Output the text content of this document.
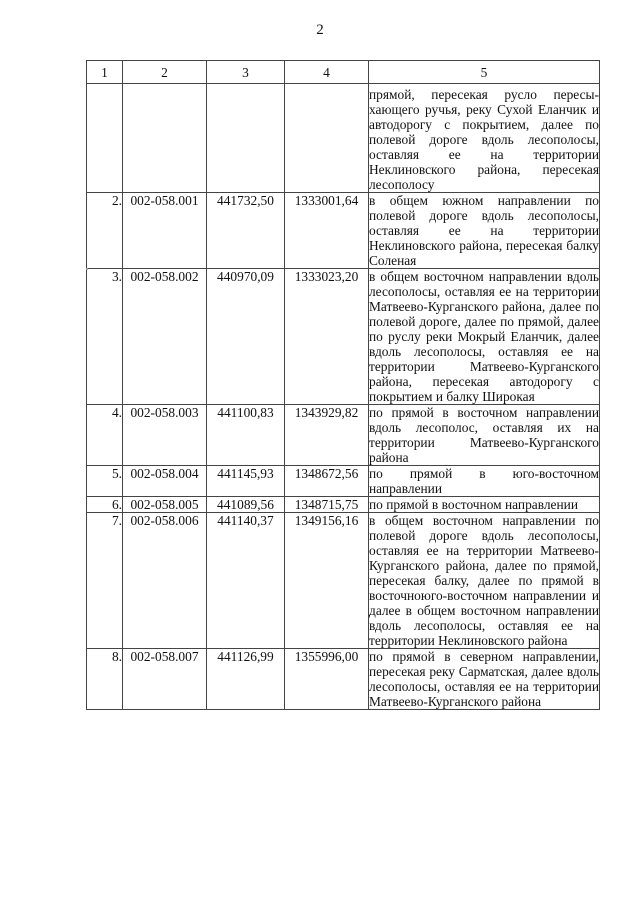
2
1	2	3	4	5
				прямой, пересекая русло пересыхающего ручья, реку Сухой Еланчик и автодорогу с покрытием, далее по полевой дороге вдоль лесополосы, оставляя ее на территории Неклиновского района, пересекая лесополосу
2.	002-058.001	441732,50	1333001,64	в общем южном направлении по полевой дороге вдоль лесополосы, оставляя ее на территории Неклиновского района, пересекая балку Соленая
3.	002-058.002	440970,09	1333023,20	в общем восточном направлении вдоль лесополосы, оставляя ее на территории Матвеево-Курганского района, далее по полевой дороге, далее по прямой, далее по руслу реки Мокрый Еланчик, далее вдоль лесополосы, оставляя ее на территории Матвеево-Курганского района, пересекая автодорогу с покрытием и балку Широкая
4.	002-058.003	441100,83	1343929,82	по прямой в восточном направлении вдоль лесополос, оставляя их на территории Матвеево-Курганского района
5.	002-058.004	441145,93	1348672,56	по прямой в юго-восточном направлении
6.	002-058.005	441089,56	1348715,75	по прямой в восточном направлении
7.	002-058.006	441140,37	1349156,16	в общем восточном направлении по полевой дороге вдоль лесополосы, оставляя ее на территории Матвеево-Курганского района, далее по прямой, пересекая балку, далее по прямой в восточноюго-восточном направлении и далее в общем восточном направлении вдоль лесополосы, оставляя ее на территории Неклиновского района
8.	002-058.007	441126,99	1355996,00	по прямой в северном направлении, пересекая реку Сарматская, далее вдоль лесополосы, оставляя ее на территории Матвеево-Курганского района
